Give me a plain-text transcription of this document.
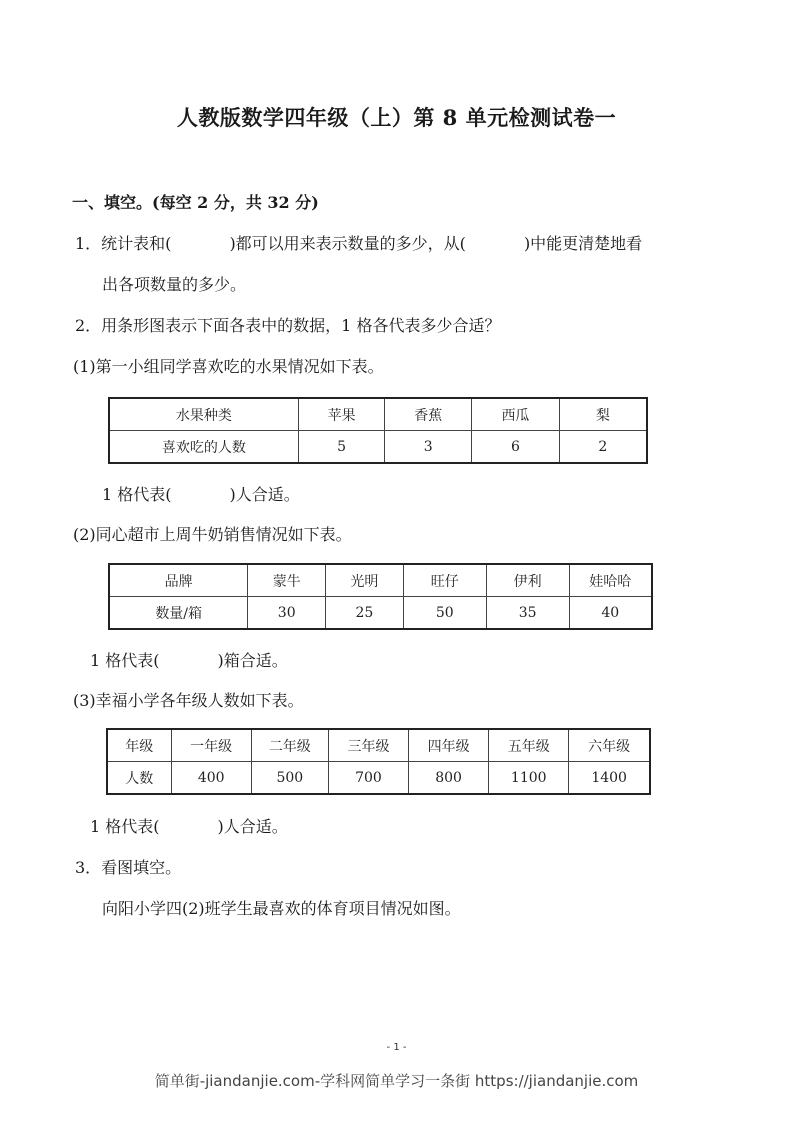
人教版数学四年级（上）第 8 单元检测试卷一
一、填空。(每空 2 分，共 32 分)
1．统计表和(	)都可以用来表示数量的多少，从(	)中能更清楚地看
出各项数量的多少。
2．用条形图表示下面各表中的数据，1 格各代表多少合适？
(1)第一小组同学喜欢吃的水果情况如下表。
水果种类	苹果	香蕉	西瓜	梨
喜欢吃的人数	5	3	6	2
1 格代表(	)人合适。
(2)同心超市上周牛奶销售情况如下表。
品牌	蒙牛	光明	旺仔	伊利	娃哈哈
数量/箱	30	25	50	35	40
1 格代表(	)箱合适。
(3)幸福小学各年级人数如下表。
年级	一年级	二年级	三年级	四年级	五年级	六年级
人数	400	500	700	800	1100	1400
1 格代表(	)人合适。
3．看图填空。
向阳小学四(2)班学生最喜欢的体育项目情况如图。
- 1 -
简单街-jiandanjie.com-学科网简单学习一条街 https://jiandanjie.com
